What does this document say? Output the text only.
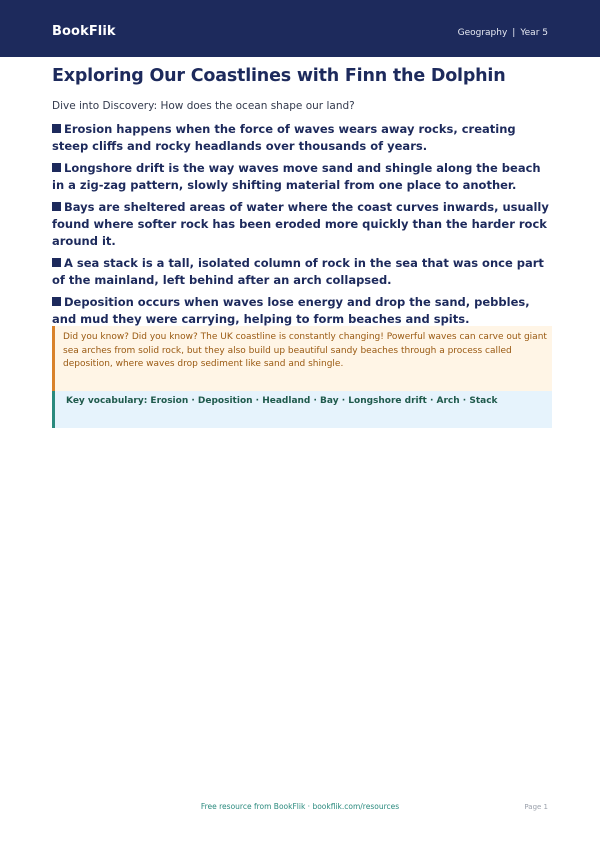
BookFlik	Geography | Year 5
Exploring Our Coastlines with Finn the Dolphin
Dive into Discovery: How does the ocean shape our land?
Erosion happens when the force of waves wears away rocks, creating steep cliffs and rocky headlands over thousands of years.
Longshore drift is the way waves move sand and shingle along the beach in a zig-zag pattern, slowly shifting material from one place to another.
Bays are sheltered areas of water where the coast curves inwards, usually found where softer rock has been eroded more quickly than the harder rock around it.
A sea stack is a tall, isolated column of rock in the sea that was once part of the mainland, left behind after an arch collapsed.
Deposition occurs when waves lose energy and drop the sand, pebbles, and mud they were carrying, helping to form beaches and spits.
Did you know? Did you know? The UK coastline is constantly changing! Powerful waves can carve out giant sea arches from solid rock, but they also build up beautiful sandy beaches through a process called deposition, where waves drop sediment like sand and shingle.
Key vocabulary: Erosion · Deposition · Headland · Bay · Longshore drift · Arch · Stack
Free resource from BookFlik · bookflik.com/resources	Page 1
